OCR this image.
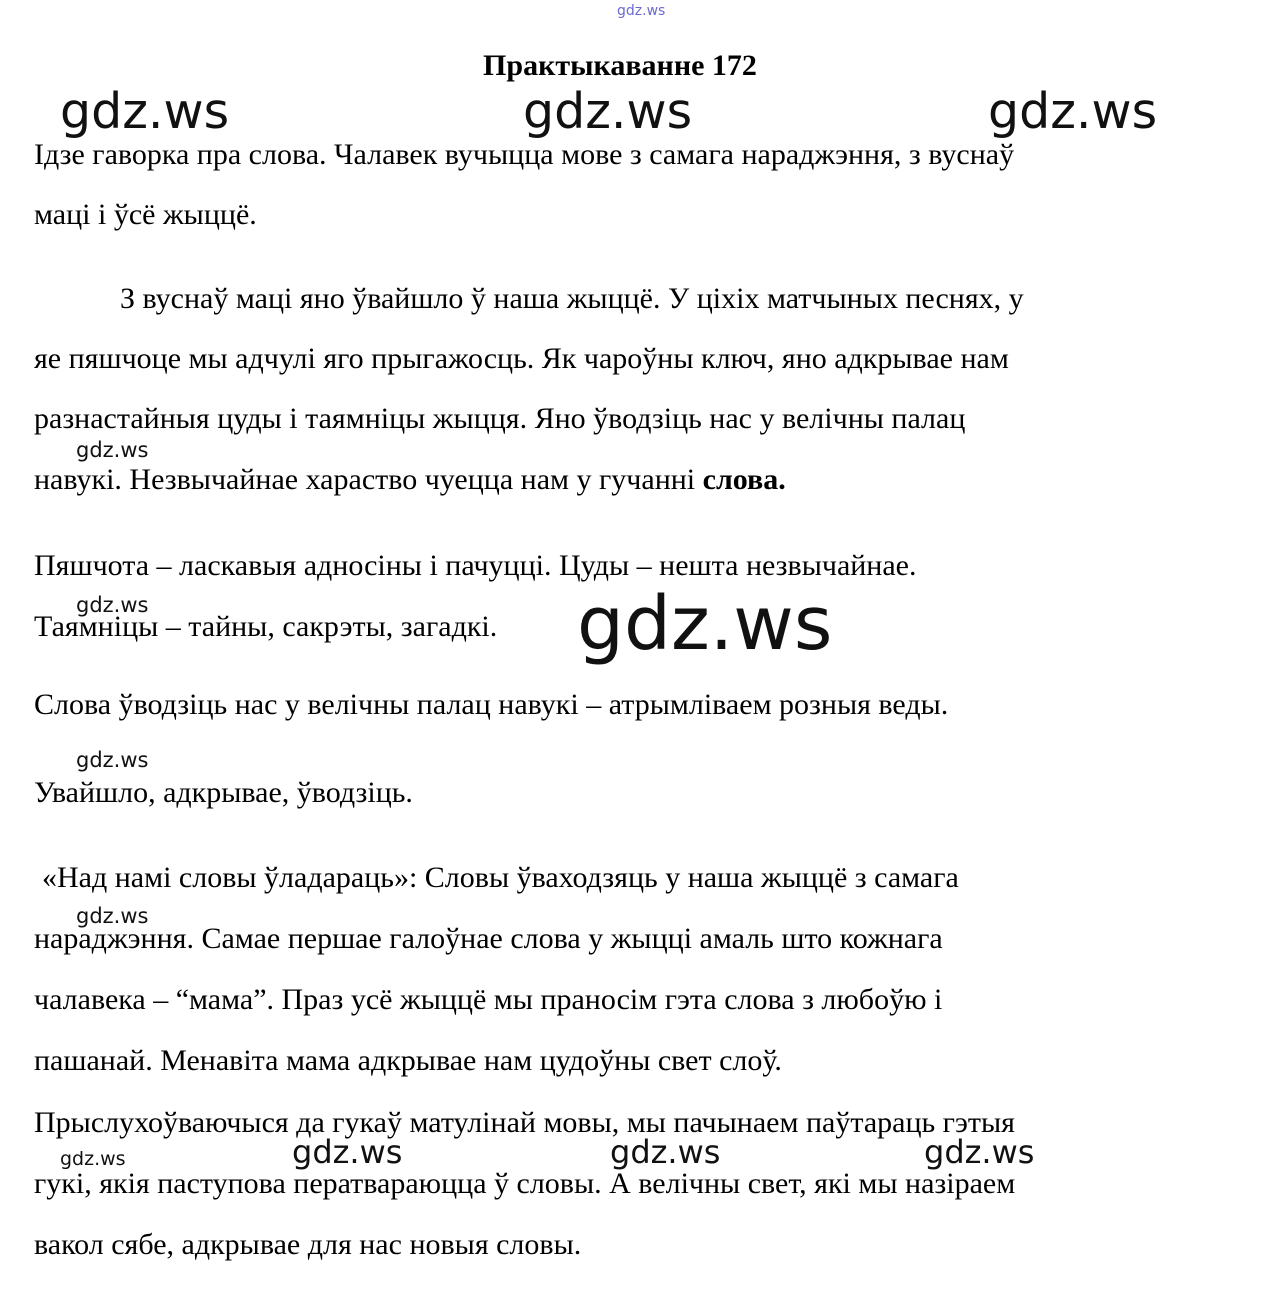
gdz.ws
Практыкаванне 172
gdz.ws	gdz.ws	gdz.ws
Ідзе гаворка пра слова. Чалавек вучыцца мове з самага нараджэння, з вуснаў
маці і ўсё жыццё.
З вуснаў маці яно ўвайшло ў наша жыццё. У ціхіх матчыных песнях, у
яе пяшчоце мы адчулі яго прыгажосць. Як чароўны ключ, яно адкрывае нам
разнастайныя цуды і таямніцы жыцця. Яно ўводзіць нас у велічны палац
gdz.ws
навукі. Незвычайнае хараство чуецца нам у гучанні слова.
Пяшчота – ласкавыя адносіны і пачуцці. Цуды – нешта незвычайнае.
gdz.ws
Таямніцы – тайны, сакрэты, загадкі. gdz.ws
Слова ўводзіць нас у велічны палац навукі – атрымліваем розныя веды.
gdz.ws
Увайшло, адкрывае, ўводзіць.
«Над намі словы ўладараць»: Словы ўваходзяць у наша жыццё з самага
gdz.ws
нараджэння. Самае першае галоўнае слова у жыцці амаль што кожнага
чалавека – “мама”. Праз усё жыццё мы праносім гэта слова з любоўю і
пашанай. Менавіта мама адкрывае нам цудоўны свет слоў.
Прыслухоўваючыся да гукаў матулінай мовы, мы пачынаем паўтараць гэтыя
gdz.ws	gdz.ws	gdz.ws	gdz.ws
гукі, якія паступова ператвараюцца ў словы. А велічны свет, які мы назіраем
вакол сябе, адкрывае для нас новыя словы.
